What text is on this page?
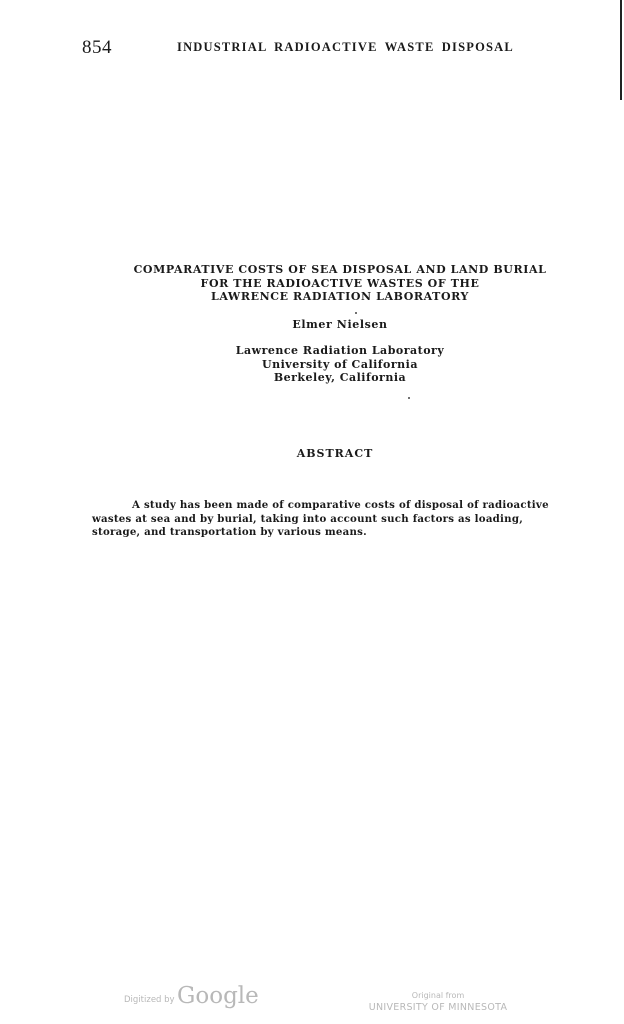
854	INDUSTRIAL RADIOACTIVE WASTE DISPOSAL
COMPARATIVE COSTS OF SEA DISPOSAL AND LAND BURIAL
FOR THE RADIOACTIVE WASTES OF THE
LAWRENCE RADIATION LABORATORY
Elmer Nielsen
Lawrence Radiation Laboratory
University of California
Berkeley, California
ABSTRACT
A study has been made of comparative costs of disposal of radioactive
wastes at sea and by burial, taking into account such factors as loading,
storage, and transportation by various means.
Digitized by Google	Original from
UNIVERSITY OF MINNESOTA
